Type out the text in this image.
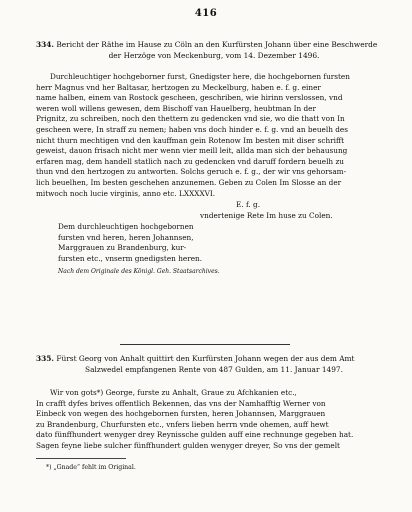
416
334. Bericht der Räthe im Hause zu Cöln an den Kurfürsten Johann über eine Beschwerde
der Herzöge von Meckenburg, vom 14. Dezember 1496.
Durchleuchtiger hochgeborner furst, Gnedigster here, die hochgebornen fursten
herr Magnus vnd her Baltasar, hertzogen zu Meckelburg, haben e. f. g. einer
name halben, einem van Rostock gescheen, geschriben, wie hirinn verslossen, vnd
weren woll willens gewesen, dem Bischoff van Hauelberg, heubtman In der
Prignitz, zu schreiben, noch den thettern zu gedencken vnd sie, wo die thatt von In
gescheen were, In straff zu nemen; haben vns doch hinder e. f. g. vnd an beuelh des
nicht thurn mechtigen vnd den kauffman gein Rotenow Im besten mit diser schrifft
geweist, dauon frisach nicht mer wenn vier meill leit, allda man sich der behausung
erfaren mag, dem handell statlich nach zu gedencken vnd daruff fordern beuelh zu
thun vnd den hertzogen zu antworten. Solchs geruch e. f. g., der wir vns gehorsam-
lich beuelhen, Im besten geschehen anzunemen. Geben zu Colen Im Slosse an der
mitwoch noch lucie virginis, anno etc. LXXXXVI.
E. f. g.
vndertenige Rete Im huse zu Colen.
Dem durchleuchtigen hochgebornen
fursten vnd heren, heren Johannsen,
Marggrauen zu Brandenburg, kur-
fursten etc., vnserm gnedigsten heren.
Nach dem Originale des Königl. Geh. Staatsarchives.
335. Fürst Georg von Anhalt quittirt den Kurfürsten Johann wegen der aus dem Amt
Salzwedel empfangenen Rente von 487 Gulden, am 11. Januar 1497.
Wir von gots*) George, furste zu Anhalt, Graue zu Afchkanien etc.,
In crafft dyfes brives offentlich Bekennen, das vns der Namhafftig Werner von
Einbeck von wegen des hochgebornen fursten, heren Johannsen, Marggrauen
zu Brandenburg, Churfursten etc., vnfers lieben herrn vnde ohemen, auff hewt
dato fünffhundert wenyger drey Reynissche gulden auff eine rechnunge gegeben hat.
Sagen feyne liebe sulcher fünffhundert gulden wenyger dreyer, So vns der gemelt
*) „Gnade“ fehlt im Original.
